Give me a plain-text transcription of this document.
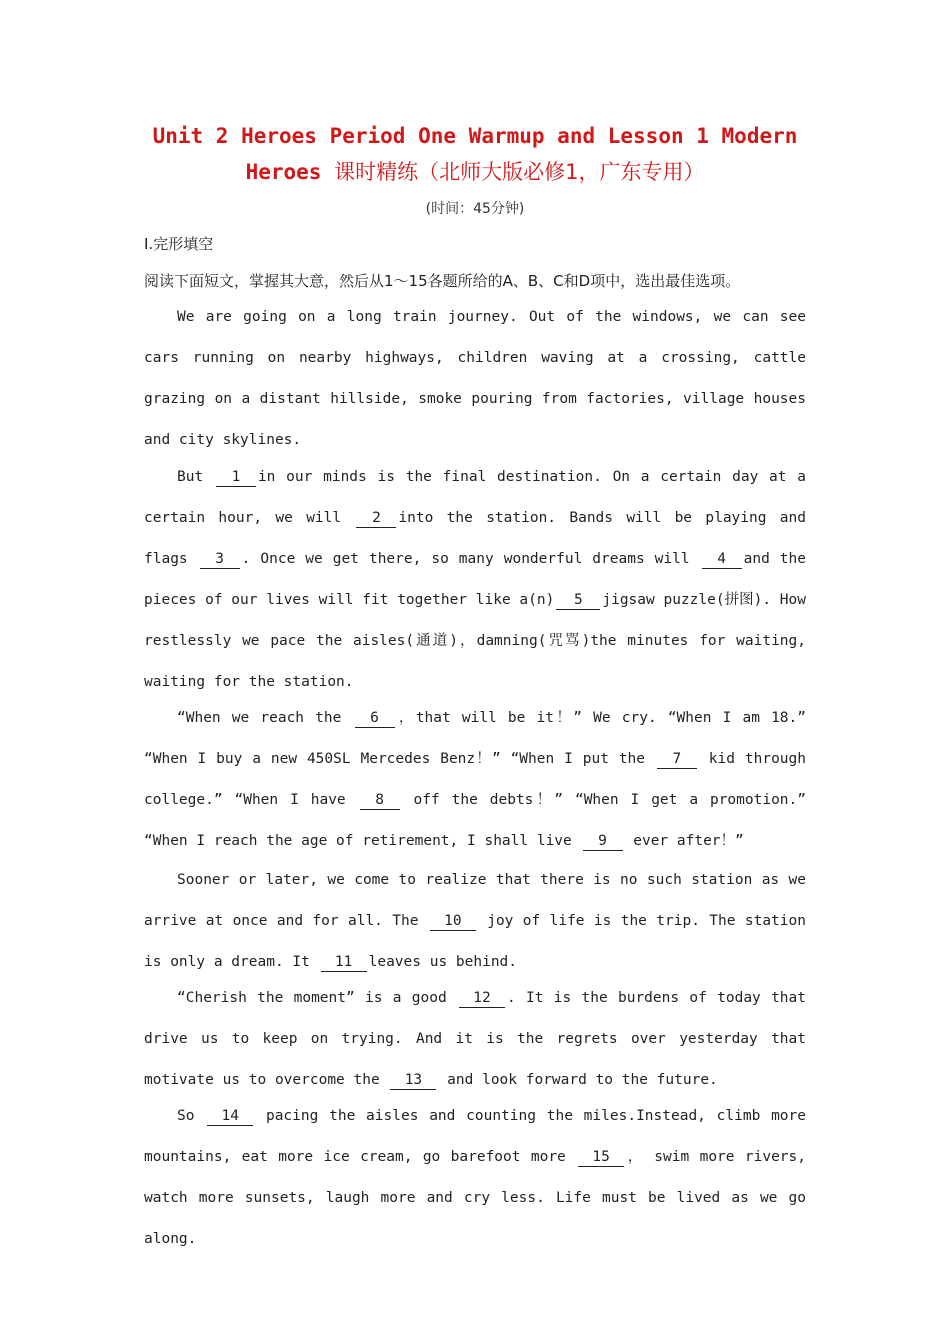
Unit 2 Heroes Period One Warmup and Lesson 1 Modern
Heroes 课时精练（北师大版必修1，广东专用）
(时间：45分钟)
Ⅰ.完形填空
阅读下面短文，掌握其大意，然后从1～15各题所给的A、B、C和D项中，选出最佳选项。
We are going on a long train journey. Out of the windows, we can see cars running on nearby highways, children waving at a crossing, cattle grazing on a distant hillside, smoke pouring from factories, village houses and city skylines.
But 1 in our minds is the final destination. On a certain day at a certain hour, we will 2 into the station. Bands will be playing and flags 3 . Once we get there, so many wonderful dreams will 4 and the pieces of our lives will fit together like a(n) 5 jigsaw puzzle(拼图). How restlessly we pace the aisles(通道)，damning(咒骂)the minutes for waiting, waiting for the station.
“When we reach the 6 ，that will be it！” We cry. “When I am 18.” “When I buy a new 450SL Mercedes Benz！” “When I put the 7 kid through college.” “When I have 8 off the debts！” “When I get a promotion.” “When I reach the age of retirement, I shall live 9 ever after！”
Sooner or later, we come to realize that there is no such station as we arrive at once and for all. The 10 joy of life is the trip. The station is only a dream. It 11 leaves us behind.
“Cherish the moment” is a good 12 . It is the burdens of today that drive us to keep on trying. And it is the regrets over yesterday that motivate us to overcome the 13 and look forward to the future.
So 14 pacing the aisles and counting the miles.Instead, climb more mountains, eat more ice cream, go barefoot more 15 ， swim more rivers, watch more sunsets, laugh more and cry less. Life must be lived as we go along.
